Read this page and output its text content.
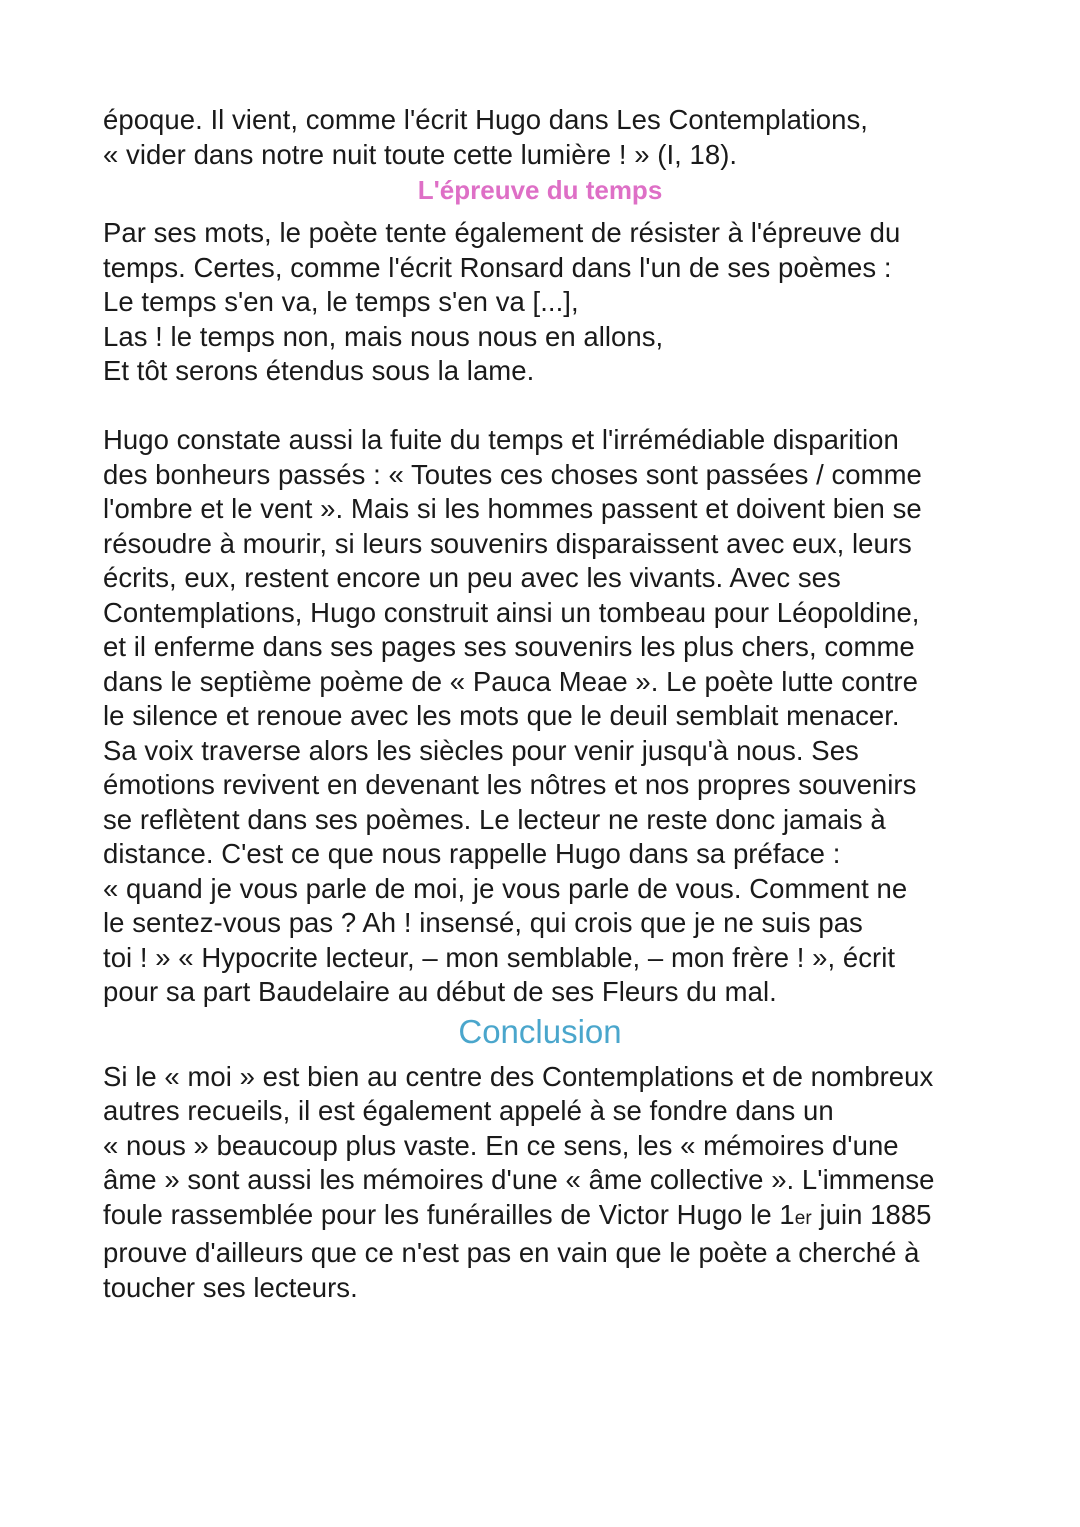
époque. Il vient, comme l'écrit Hugo dans Les Contemplations,
« vider dans notre nuit toute cette lumière ! » (I, 18).
L'épreuve du temps
Par ses mots, le poète tente également de résister à l'épreuve du
temps. Certes, comme l'écrit Ronsard dans l'un de ses poèmes :
Le temps s'en va, le temps s'en va [...],
Las ! le temps non, mais nous nous en allons,
Et tôt serons étendus sous la lame.
Hugo constate aussi la fuite du temps et l'irrémédiable disparition
des bonheurs passés : « Toutes ces choses sont passées / comme
l'ombre et le vent ». Mais si les hommes passent et doivent bien se
résoudre à mourir, si leurs souvenirs disparaissent avec eux, leurs
écrits, eux, restent encore un peu avec les vivants. Avec ses
Contemplations, Hugo construit ainsi un tombeau pour Léopoldine,
et il enferme dans ses pages ses souvenirs les plus chers, comme
dans le septième poème de « Pauca Meae ». Le poète lutte contre
le silence et renoue avec les mots que le deuil semblait menacer.
Sa voix traverse alors les siècles pour venir jusqu'à nous. Ses
émotions revivent en devenant les nôtres et nos propres souvenirs
se reflètent dans ses poèmes. Le lecteur ne reste donc jamais à
distance. C'est ce que nous rappelle Hugo dans sa préface :
« quand je vous parle de moi, je vous parle de vous. Comment ne
le sentez-vous pas ? Ah ! insensé, qui crois que je ne suis pas
toi ! » « Hypocrite lecteur, – mon semblable, – mon frère ! », écrit
pour sa part Baudelaire au début de ses Fleurs du mal.
Conclusion
Si le « moi » est bien au centre des Contemplations et de nombreux
autres recueils, il est également appelé à se fondre dans un
« nous » beaucoup plus vaste. En ce sens, les « mémoires d'une
âme » sont aussi les mémoires d'une « âme collective ». L'immense
foule rassemblée pour les funérailles de Victor Hugo le 1er juin 1885
prouve d'ailleurs que ce n'est pas en vain que le poète a cherché à
toucher ses lecteurs.
